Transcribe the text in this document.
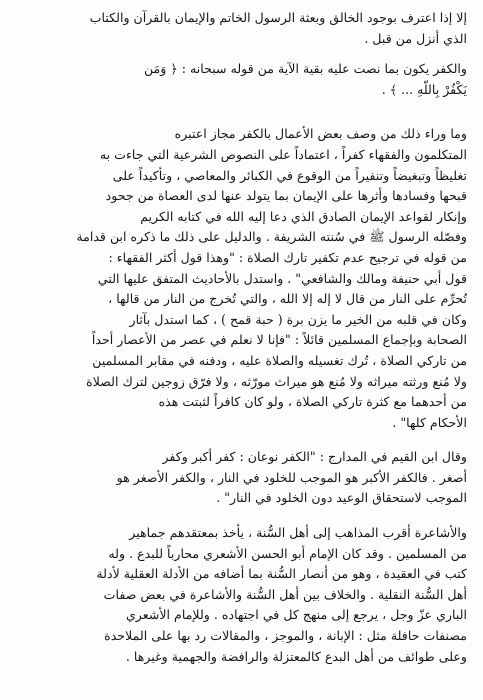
إلا إذا اعترف بوجود الخالق وبعثة الرسول الخاتم والإيمان بالقرآن والكتاب
الذي أنزل من قبل .

والكفر يكون بما نصت عليه بقية الآية من قوله سبحانه : ﴿ وَمَن
يَكْفُرْ بِاللَّهِ ... ﴾ .

وما وراء ذلك من وصف بعض الأعمال بالكفر مجاز اعتبره
المتكلمون والفقهاء كفراً ، اعتماداً على النصوص الشرعية التي جاءت به
تغليظاً وتبغيضاً وتنفيراً من الوقوع في الكبائر والمعاصي ، وتأكيداً على
قبحها وفسادها وأثرها على الإيمان بما يتولد عنها لدى العصاة من جحود
وإنكار لقواعد الإيمان الصادق الذي دعا إليه الله في كتابه الكريم
وفصّله الرسول ﷺ في سُنته الشريفة . والدليل على ذلك ما ذكره ابن قدامة
من قوله في ترجيح عدم تكفير تارك الصلاة : "وهذا قول أكثر الفقهاء :
قول أبي حنيفة ومالك والشافعي" . واستدل بالأحاديث المتفق عليها التي
تُحرِّم على النار من قال لا إله إلا الله ، والتي تُخرج من النار من قالها ،
وكان في قلبه من الخير ما يزن برة ( حبة قمح ) ، كما استدل بآثار
الصحابة وبإجماع المسلمين قائلاً : "فإنا لا نعلم في عصر من الأعصار أحداً
من تاركي الصلاة ، تُرك تغسيله والصلاة عليه ، ودفنه في مقابر المسلمين
ولا مُنع ورثته ميراثه ولا مُنع هو ميراث مورّثه ، ولا فرّق زوجين لترك الصلاة
من أحدهما مع كثرة تاركي الصلاة ، ولو كان كافراً لثبتت هذه
الأحكام كلها" .

وقال ابن القيم في المدارج : "الكفر نوعان : كفر أكبر وكفر
أصغر . فالكفر الأكبر هو الموجب للخلود في النار ، والكفر الأصغر هو
الموجب لاستحقاق الوعيد دون الخلود في النار" .

والأشاعرة أقرب المذاهب إلى أهل السُّنة ، يأخذ بمعتقدهم جماهير
من المسلمين . وقد كان الإمام أبو الحسن الأشعري محارباً للبدع . وله
كتب في العقيدة ، وهو من أنصار السُّنة بما أضافه من الأدلة العقلية لأدلة
أهل السُّنة النقلية . والخلاف بين أهل السُّنة والأشاعرة في بعض صفات
الباري عزّ وجل ، يرجع إلى منهج كل في اجتهاده . وللإمام الأشعري
مصنفات حافلة مثل : الإبانة ، والموجز ، والمقالات رد بها على الملاحدة
وعلى طوائف من أهل البدع كالمعتزلة والرافضة والجهمية وغيرها .
